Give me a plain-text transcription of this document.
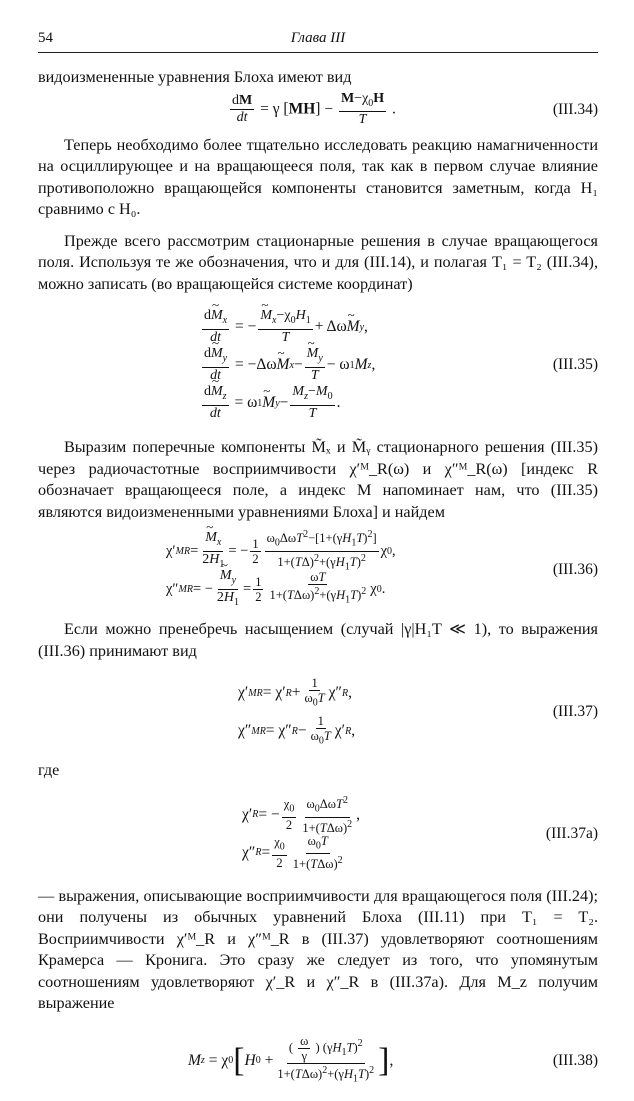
54	Глава III

видоизмененные уравнения Блоха имеют вид

$\frac{dM}{dt} = \gamma$ $[MH] - \frac{M-\chi_0H}{T}$ .	(III.34)

Теперь необходимо более тщательно исследовать реакцию намагниченности на осциллирующее и на вращающееся поля, так как в первом случае влияние противоположно вращающейся компоненты становится заметным, когда H₁ сравнимо с H₀.

Прежде всего рассмотрим стационарные решения в случае вращающегося поля. Используя те же обозначения, что и для (III.14), и полагая T₁ = T₂ (III.34), можно записать (во вращающейся системе координат)

$\frac{d\sim M_x}{dt}$ = − ~ $\frac{M_x-\chi_0H_1}{T} + \Delta\omega$ ~ M y ,
$\frac{d\sim M_y}{dt} = -\Delta\omega$ ~ M x − ~ $\frac{M_y}{T} - \omega$ 1 M z ,
$\frac{d\sim M_z}{dt} = \omega$ 1 ~ M $y - \frac{M_z-M_0}{T}$ .
(III.35)

Выразим поперечные компоненты M̃ₓ и M̃ᵧ стационарного решения (III.35) через радиочастотные восприимчивости χ′ᴹ_R(ω) и χ″ᴹ_R(ω) [индекс R обозначает вращающееся поле, а индекс M напоминает нам, что (III.35) являются видоизмененными уравнениями Блоха] и найдем

χ′ M R = ~ $\frac{M_x}{2H_1}$ = − $\frac{1}{2} \frac{\omega_0\Delta\omega T^2-[1+(\gamma H_1T)^2]}{1+(T\Delta)^2+(\gamma H_1T)^2}$ χ 0 ,
χ″ M R = − ~ $\frac{M_y}{2H_1} = \frac{1}{2} \frac{\omega T}{1+(T\Delta\omega)^2+(\gamma H_1T)^2}$ χ 0 .
(III.36)

Если можно пренебречь насыщением (случай |γ|H₁T ≪ 1), то выражения (III.36) принимают вид

χ′ M R = χ′ $R + \frac{1}{\omega_0T} \chi''$ R ,
χ″ M R = χ″ $R - \frac{1}{\omega_0T} \chi'$ R ,
(III.37)

где

χ′ R = − $\frac{\chi_0}{2} \frac{\omega_0\Delta\omega T^2}{1+(T\Delta\omega)^2}$ ,
χ″ $R = \frac{\chi_0}{2} \frac{\omega_0T}{1+(T\Delta\omega)^2}$
(III.37а)

— выражения, описывающие восприимчивости для вращающегося поля (III.24); они получены из обычных уравнений Блоха (III.11) при T₁ = T₂. Восприимчивости χ′ᴹ_R и χ″ᴹ_R в (III.37) удовлетворяют соотношениям Крамерса — Кронига. Это сразу же следует из того, что упомянутым соотношениям удовлетворяют χ′_R и χ″_R в (III.37а). Для M_z получим выражение

M z = χ 0 [ H $0 + \frac{( \frac{\omega}{\gamma} ) (\gamma H_1T)^2}{1+(T\Delta\omega)^2+(\gamma H_1T)^2}$ ] ,	(III.38)
